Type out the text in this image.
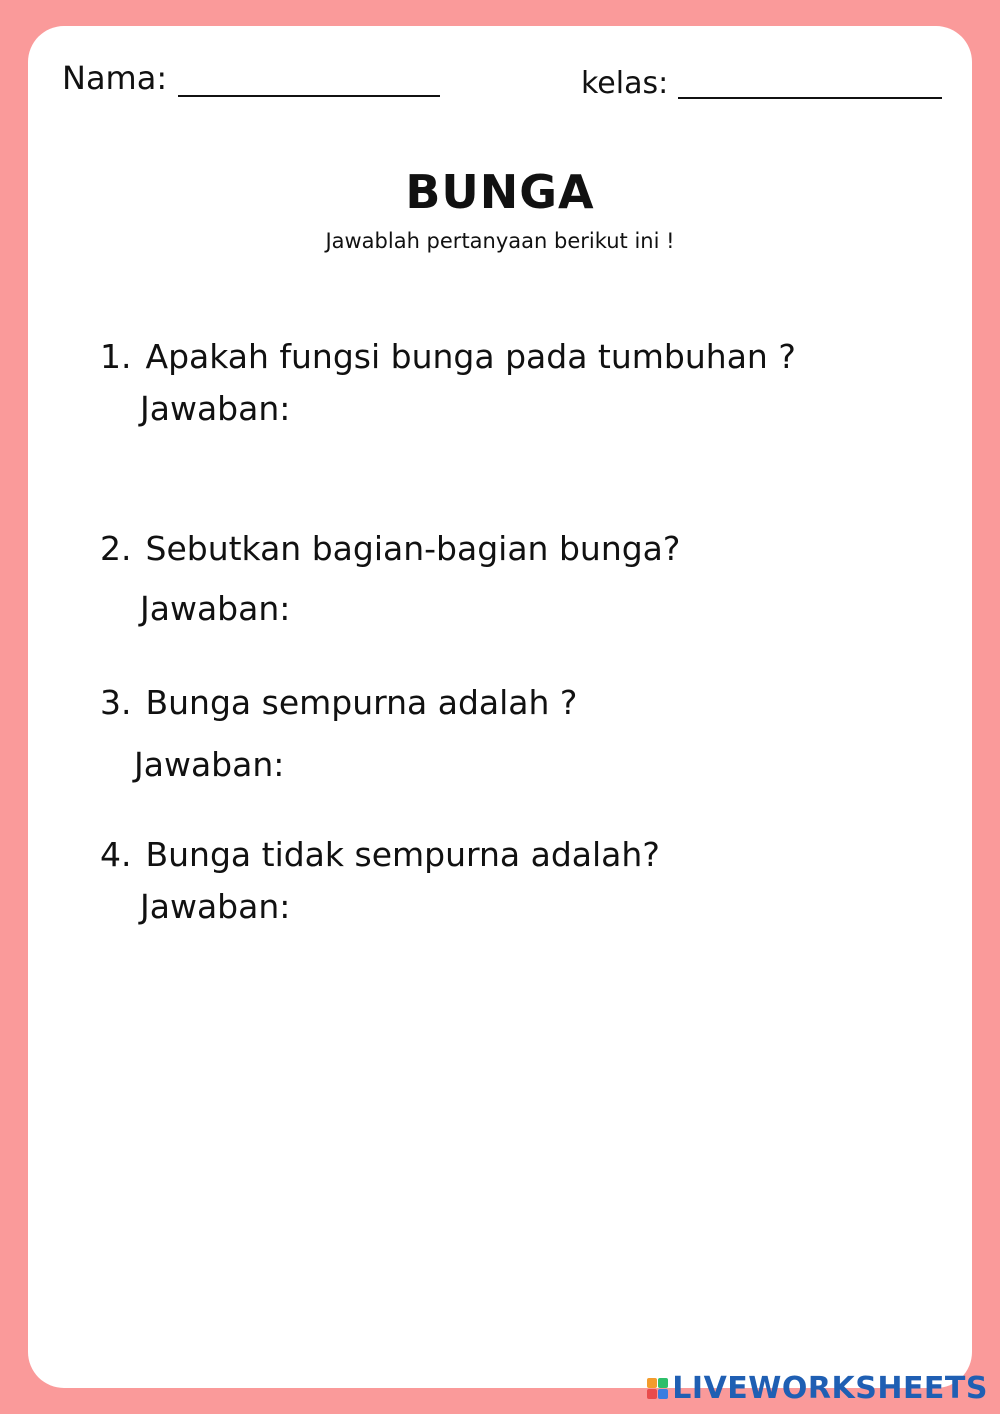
Nama:	kelas:
BUNGA
Jawablah pertanyaan berikut ini !
1. Apakah fungsi bunga pada tumbuhan ?
Jawaban:
2. Sebutkan bagian-bagian bunga?
Jawaban:
3. Bunga sempurna adalah ?
Jawaban:
4. Bunga tidak sempurna adalah?
Jawaban:
LIVEWORKSHEETS
